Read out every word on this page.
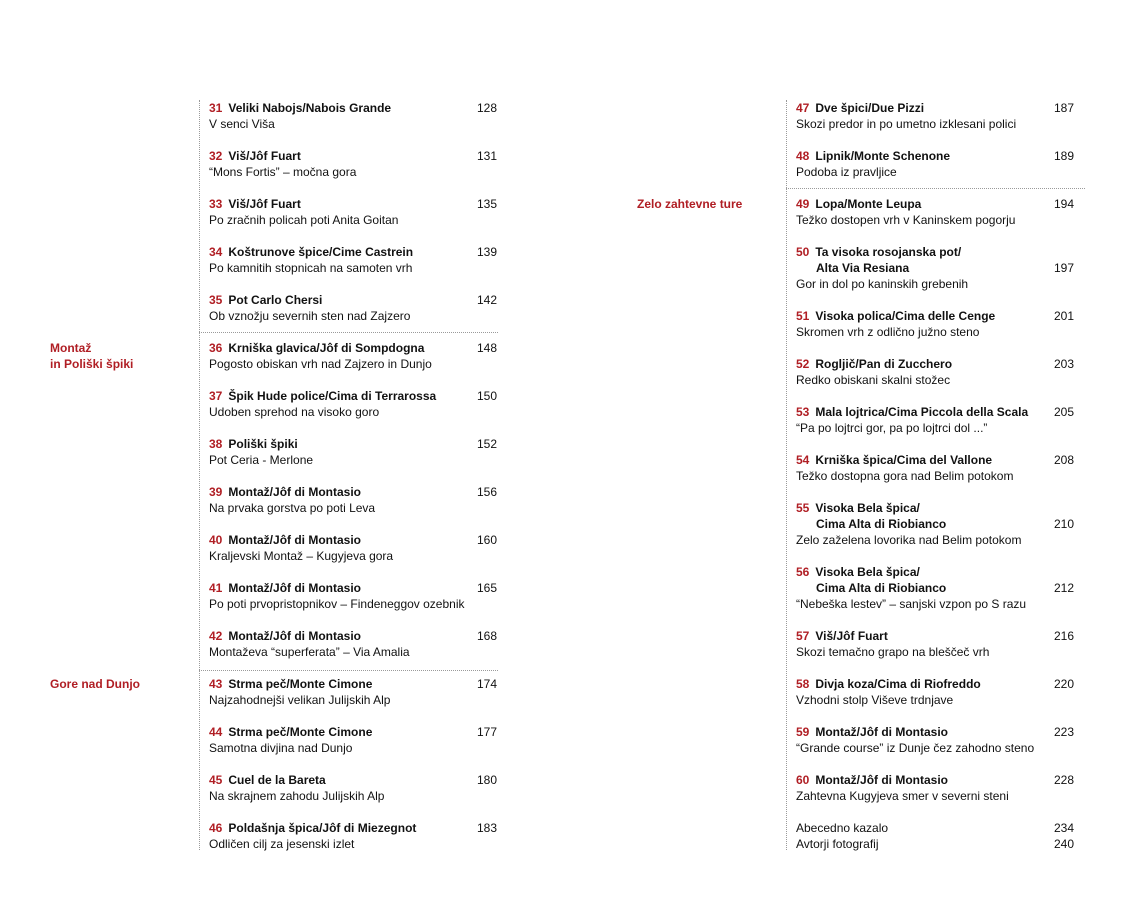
Montaž
in Poliški špiki
Gore nad Dunjo
Zelo zahtevne ture
31 Veliki Nabojs/Nabois Grande	128
V senci Viša
32 Viš/Jôf Fuart	131
“Mons Fortis” – močna gora
33 Viš/Jôf Fuart	135
Po zračnih policah poti Anita Goitan
34 Koštrunove špice/Cime Castrein	139
Po kamnitih stopnicah na samoten vrh
35 Pot Carlo Chersi	142
Ob vznožju severnih sten nad Zajzero
36 Krniška glavica/Jôf di Sompdogna	148
Pogosto obiskan vrh nad Zajzero in Dunjo
37 Špik Hude police/Cima di Terrarossa	150
Udoben sprehod na visoko goro
38 Poliški špiki	152
Pot Ceria - Merlone
39 Montaž/Jôf di Montasio	156
Na prvaka gorstva po poti Leva
40 Montaž/Jôf di Montasio	160
Kraljevski Montaž – Kugyjeva gora
41 Montaž/Jôf di Montasio	165
Po poti prvopristopnikov – Findeneggov ozebnik
42 Montaž/Jôf di Montasio	168
Montaževa “superferata” – Via Amalia
43 Strma peč/Monte Cimone	174
Najzahodnejši velikan Julijskih Alp
44 Strma peč/Monte Cimone	177
Samotna divjina nad Dunjo
45 Cuel de la Bareta	180
Na skrajnem zahodu Julijskih Alp
46 Poldašnja špica/Jôf di Miezegnot	183
Odličen cilj za jesenski izlet
47 Dve špici/Due Pizzi	187
Skozi predor in po umetno izklesani polici
48 Lipnik/Monte Schenone	189
Podoba iz pravljice
49 Lopa/Monte Leupa	194
Težko dostopen vrh v Kaninskem pogorju
50 Ta visoka rosojanska pot/
Alta Via Resiana	197
Gor in dol po kaninskih grebenih
51 Visoka polica/Cima delle Cenge	201
Skromen vrh z odlično južno steno
52 Rogljič/Pan di Zucchero	203
Redko obiskani skalni stožec
53 Mala lojtrica/Cima Piccola della Scala	205
“Pa po lojtrci gor, pa po lojtrci dol ...”
54 Krniška špica/Cima del Vallone	208
Težko dostopna gora nad Belim potokom
55 Visoka Bela špica/
Cima Alta di Riobianco	210
Zelo zaželena lovorika nad Belim potokom
56 Visoka Bela špica/
Cima Alta di Riobianco	212
“Nebeška lestev” – sanjski vzpon po S razu
57 Viš/Jôf Fuart	216
Skozi temačno grapo na bleščeč vrh
58 Divja koza/Cima di Riofreddo	220
Vzhodni stolp Viševe trdnjave
59 Montaž/Jôf di Montasio	223
“Grande course” iz Dunje čez zahodno steno
60 Montaž/Jôf di Montasio	228
Zahtevna Kugyjeva smer v severni steni
Abecedno kazalo	234
Avtorji fotografij	240
